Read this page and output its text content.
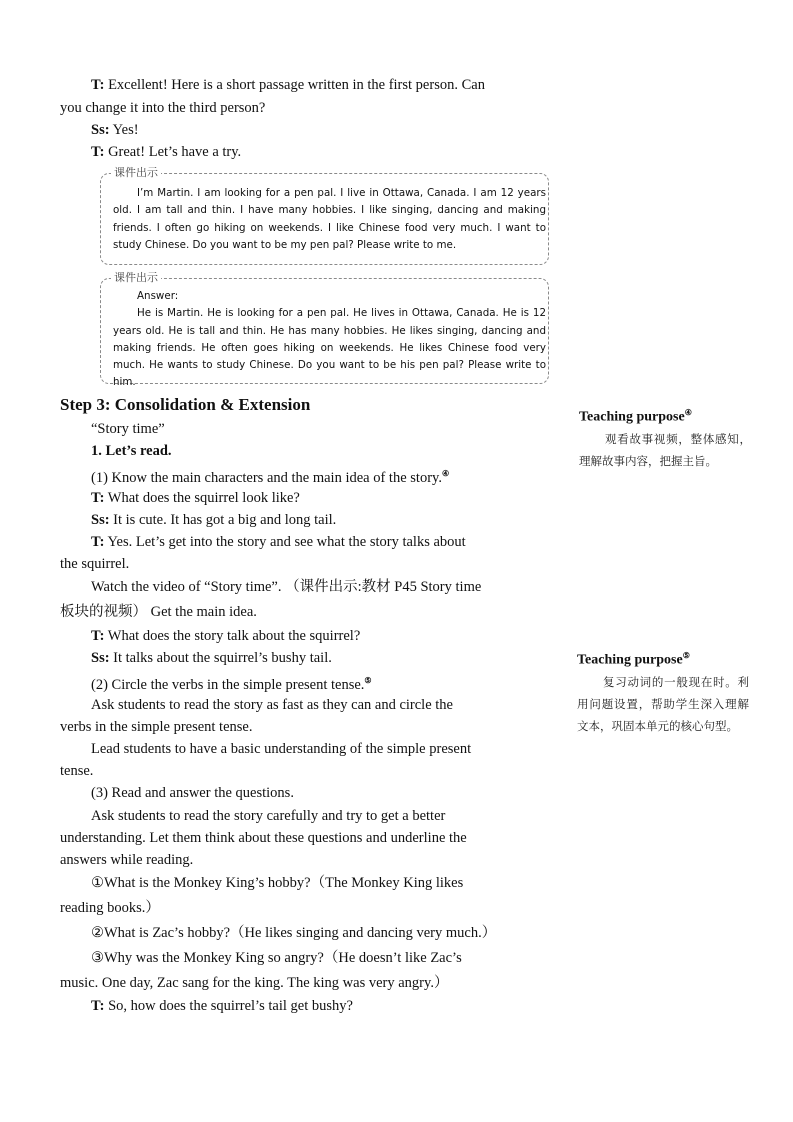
T: Excellent! Here is a short passage written in the first person. Can
you change it into the third person?
Ss: Yes!
T: Great! Let’s have a try.
课件出示
I’m Martin. I am looking for a pen pal. I live in Ottawa, Canada. I am 12 years old. I am tall and thin. I have many hobbies. I like singing, dancing and making friends. I often go hiking on weekends. I like Chinese food very much. I want to study Chinese. Do you want to be my pen pal? Please write to me.
课件出示
Answer:
He is Martin. He is looking for a pen pal. He lives in Ottawa, Canada. He is 12 years old. He is tall and thin. He has many hobbies. He likes singing, dancing and making friends. He often goes hiking on weekends. He likes Chinese food very much. He wants to study Chinese. Do you want to be his pen pal? Please write to him.
Step 3: Consolidation & Extension
“Story time”
1. Let’s read.
(1) Know the main characters and the main idea of the story.④
T: What does the squirrel look like?
Ss: It is cute. It has got a big and long tail.
T: Yes. Let’s get into the story and see what the story talks about
the squirrel.
Watch the video of “Story time”. （课件出示:教材 P45 Story time
板块的视频） Get the main idea.
T: What does the story talk about the squirrel?
Ss: It talks about the squirrel’s bushy tail.
(2) Circle the verbs in the simple present tense.⑤
Ask students to read the story as fast as they can and circle the
verbs in the simple present tense.
Lead students to have a basic understanding of the simple present
tense.
(3) Read and answer the questions.
Ask students to read the story carefully and try to get a better
understanding. Let them think about these questions and underline the
answers while reading.
①What is the Monkey King’s hobby?（The Monkey King likes
reading books.）
②What is Zac’s hobby?（He likes singing and dancing very much.）
③Why was the Monkey King so angry?（He doesn’t like Zac’s
music. One day, Zac sang for the king. The king was very angry.）
T: So, how does the squirrel’s tail get bushy?
Teaching purpose④
观看故事视频，整体感知，理解故事内容，把握主旨。
Teaching purpose⑤
复习动词的一般现在时。利用问题设置，帮助学生深入理解文本，巩固本单元的核心句型。
